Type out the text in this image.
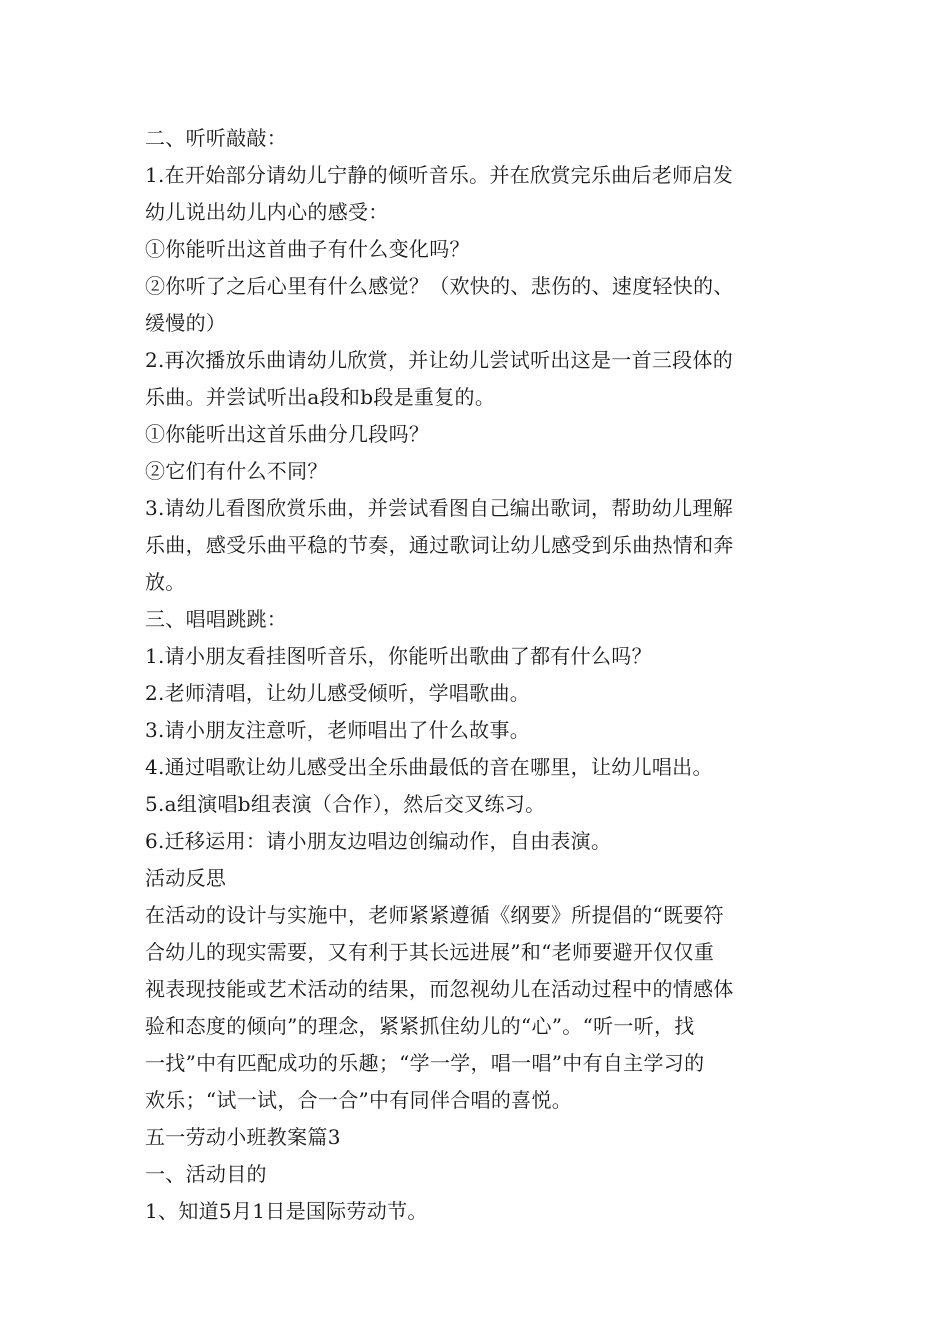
二、听听敲敲：
1.在开始部分请幼儿宁静的倾听音乐。并在欣赏完乐曲后老师启发
幼儿说出幼儿内心的感受：
①你能听出这首曲子有什么变化吗？
②你听了之后心里有什么感觉？（欢快的、悲伤的、速度轻快的、
缓慢的）
2.再次播放乐曲请幼儿欣赏，并让幼儿尝试听出这是一首三段体的
乐曲。并尝试听出a段和b段是重复的。
①你能听出这首乐曲分几段吗？
②它们有什么不同？
3.请幼儿看图欣赏乐曲，并尝试看图自己编出歌词，帮助幼儿理解
乐曲，感受乐曲平稳的节奏，通过歌词让幼儿感受到乐曲热情和奔
放。
三、唱唱跳跳：
1.请小朋友看挂图听音乐，你能听出歌曲了都有什么吗？
2.老师清唱，让幼儿感受倾听，学唱歌曲。
3.请小朋友注意听，老师唱出了什么故事。
4.通过唱歌让幼儿感受出全乐曲最低的音在哪里，让幼儿唱出。
5.a组演唱b组表演（合作），然后交叉练习。
6.迁移运用：请小朋友边唱边创编动作，自由表演。
活动反思
在活动的设计与实施中，老师紧紧遵循《纲要》所提倡的“既要符
合幼儿的现实需要，又有利于其长远进展”和“老师要避开仅仅重
视表现技能或艺术活动的结果，而忽视幼儿在活动过程中的情感体
验和态度的倾向”的理念，紧紧抓住幼儿的“心”。“听一听，找
一找”中有匹配成功的乐趣；“学一学，唱一唱”中有自主学习的
欢乐；“试一试，合一合”中有同伴合唱的喜悦。
五一劳动小班教案篇3
一、活动目的
1、知道5月1日是国际劳动节。
